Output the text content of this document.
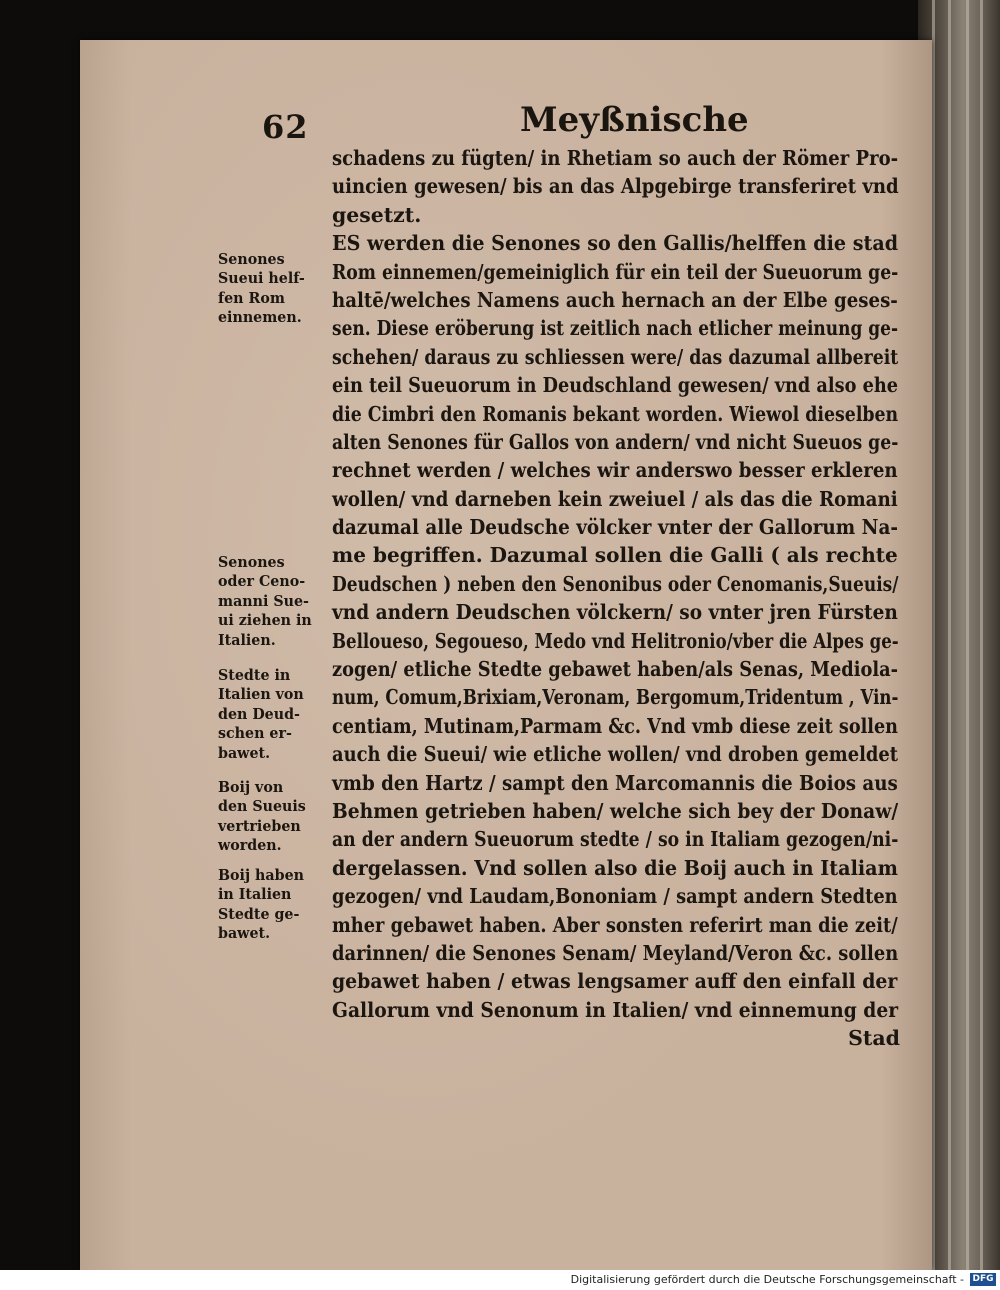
62	Meyßnische
schadens zu fügten/ in Rhetiam so auch der Römer Pro-
uincien gewesen/ bis an das Alpgebirge transferiret vnd
gesetzt.
ES werden die Senones so den Gallis/helffen die stad
Rom einnemen/gemeiniglich für ein teil der Sueuorum ge-
haltē/welches Namens auch hernach an der Elbe geses-
sen. Diese eröberung ist zeitlich nach etlicher meinung ge-
schehen/ daraus zu schliessen were/ das dazumal allbereit
ein teil Sueuorum in Deudschland gewesen/ vnd also ehe
die Cimbri den Romanis bekant worden. Wiewol dieselben
alten Senones für Gallos von andern/ vnd nicht Sueuos ge-
rechnet werden / welches wir anderswo besser erkleren
wollen/ vnd darneben kein zweiuel / als das die Romani
dazumal alle Deudsche völcker vnter der Gallorum Na-
me begriffen. Dazumal sollen die Galli ( als rechte
Deudschen ) neben den Senonibus oder Cenomanis,Sueuis/
vnd andern Deudschen völckern/ so vnter jren Fürsten
Bellouesо, Segoueso, Medo vnd Helitronio/vber die Alpes ge-
zogen/ etliche Stedte gebawet haben/als Senas, Mediola-
num, Comum,Brixiam,Veronam, Bergomum,Tridentum , Vin-
centiam, Mutinam,Parmam &c. Vnd vmb diese zeit sollen
auch die Sueui/ wie etliche wollen/ vnd droben gemeldet
vmb den Hartz / sampt den Marcomannis die Boios aus
Behmen getrieben haben/ welche sich bey der Donaw/
an der andern Sueuorum stedte / so in Italiam gezogen/ni-
dergelassen. Vnd sollen also die Boij auch in Italiam
gezogen/ vnd Laudam,Bononiam / sampt andern Stedten
mher gebawet haben. Aber sonsten referirt man die zeit/
darinnen/ die Senones Senam/ Meyland/Veron &c. sollen
gebawet haben / etwas lengsamer auff den einfall der
Gallorum vnd Senonum in Italien/ vnd einnemung der
Stad
Senones
Sueui helf-
fen Rom
einnemen.
Senones
oder Ceno-
manni Sue-
ui ziehen in
Italien.
Stedte in
Italien von
den Deud-
schen er-
bawet.
Boij von
den Sueuis
vertrieben
worden.
Boij haben
in Italien
Stedte ge-
bawet.
Digitalisierung gefördert durch die Deutsche Forschungsgemeinschaft - DFG
